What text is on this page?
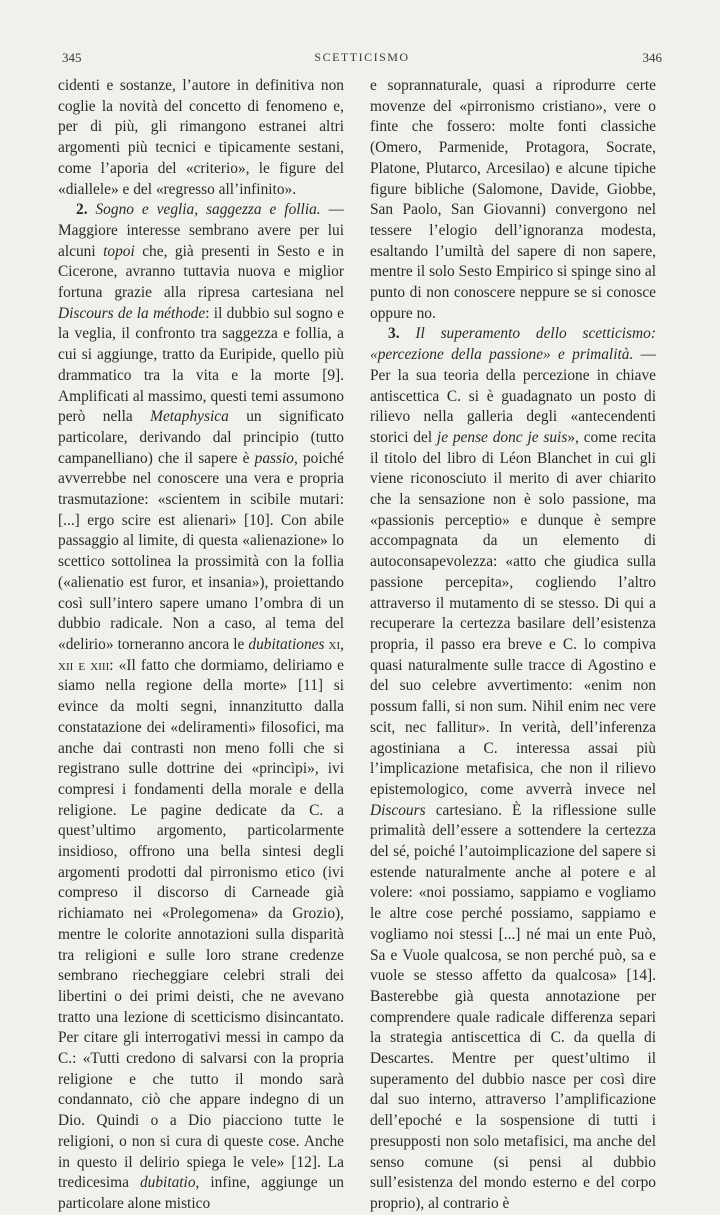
345	SCETTICISMO	346

cidenti e sostanze, l’autore in definitiva non coglie la novità del concetto di fenomeno e, per di più, gli rimangono estranei altri argomenti più tecnici e tipicamente sestani, come l’aporia del «criterio», le figure del «diallele» e del «regresso all’infinito».

2. Sogno e veglia, saggezza e follia. — Maggiore interesse sembrano avere per lui alcuni topoi che, già presenti in Sesto e in Cicerone, avranno tuttavia nuova e miglior fortuna grazie alla ripresa cartesiana nel Discours de la méthode: il dubbio sul sogno e la veglia, il confronto tra saggezza e follia, a cui si aggiunge, tratto da Euripide, quello più drammatico tra la vita e la morte [9]. Amplificati al massimo, questi temi assumono però nella Metaphysica un significato particolare, derivando dal principio (tutto campanelliano) che il sapere è passio, poiché avverrebbe nel conoscere una vera e propria trasmutazione: «scientem in scibile mutari: [...] ergo scire est alienari» [10]. Con abile passaggio al limite, di questa «alienazione» lo scettico sottolinea la prossimità con la follia («alienatio est furor, et insania»), proiettando così sull’intero sapere umano l’ombra di un dubbio radicale. Non a caso, al tema del «delirio» torneranno ancora le dubitationes xi, xii e xiii: «Il fatto che dormiamo, deliriamo e siamo nella regione della morte» [11] si evince da molti segni, innanzitutto dalla constatazione dei «deliramenti» filosofici, ma anche dai contrasti non meno folli che si registrano sulle dottrine dei «princìpi», ivi compresi i fondamenti della morale e della religione. Le pagine dedicate da C. a quest’ultimo argomento, particolarmente insidioso, offrono una bella sintesi degli argomenti prodotti dal pirronismo etico (ivi compreso il discorso di Carneade già richiamato nei «Prolegomena» da Grozio), mentre le colorite annotazioni sulla disparità tra religioni e sulle loro strane credenze sembrano riecheggiare celebri strali dei libertini o dei primi deisti, che ne avevano tratto una lezione di scetticismo disincantato. Per citare gli interrogativi messi in campo da C.: «Tutti credono di salvarsi con la propria religione e che tutto il mondo sarà condannato, ciò che appare indegno di un Dio. Quindi o a Dio piacciono tutte le religioni, o non si cura di queste cose. Anche in questo il delirio spiega le vele» [12]. La tredicesima dubitatio, infine, aggiunge un particolare alone mistico

e soprannaturale, quasi a riprodurre certe movenze del «pirronismo cristiano», vere o finte che fossero: molte fonti classiche (Omero, Parmenide, Protagora, Socrate, Platone, Plutarco, Arcesilao) e alcune tipiche figure bibliche (Salomone, Davide, Giobbe, San Paolo, San Giovanni) convergono nel tessere l’elogio dell’ignoranza modesta, esaltando l’umiltà del sapere di non sapere, mentre il solo Sesto Empirico si spinge sino al punto di non conoscere neppure se si conosce oppure no.

3. Il superamento dello scetticismo: «percezione della passione» e primalità. — Per la sua teoria della percezione in chiave antiscettica C. si è guadagnato un posto di rilievo nella galleria degli «antecendenti storici del je pense donc je suis», come recita il titolo del libro di Léon Blanchet in cui gli viene riconosciuto il merito di aver chiarito che la sensazione non è solo passione, ma «passionis perceptio» e dunque è sempre accompagnata da un elemento di autoconsapevolezza: «atto che giudica sulla passione percepita», cogliendo l’altro attraverso il mutamento di se stesso. Di qui a recuperare la certezza basilare dell’esistenza propria, il passo era breve e C. lo compiva quasi naturalmente sulle tracce di Agostino e del suo celebre avvertimento: «enim non possum falli, si non sum. Nihil enim nec vere scit, nec fallitur». In verità, dell’inferenza agostiniana a C. interessa assai più l’implicazione metafisica, che non il rilievo epistemologico, come avverrà invece nel Discours cartesiano. È la riflessione sulle primalità dell’essere a sottendere la certezza del sé, poiché l’autoimplicazione del sapere si estende naturalmente anche al potere e al volere: «noi possiamo, sappiamo e vogliamo le altre cose perché possiamo, sappiamo e vogliamo noi stessi [...] né mai un ente Può, Sa e Vuole qualcosa, se non perché può, sa e vuole se stesso affetto da qualcosa» [14]. Basterebbe già questa annotazione per comprendere quale radicale differenza separi la strategia antiscettica di C. da quella di Descartes. Mentre per quest’ultimo il superamento del dubbio nasce per così dire dal suo interno, attraverso l’amplificazione dell’epoché e la sospensione di tutti i presupposti non solo metafisici, ma anche del senso comune (si pensi al dubbio sull’esistenza del mondo esterno e del corpo proprio), al contrario è
